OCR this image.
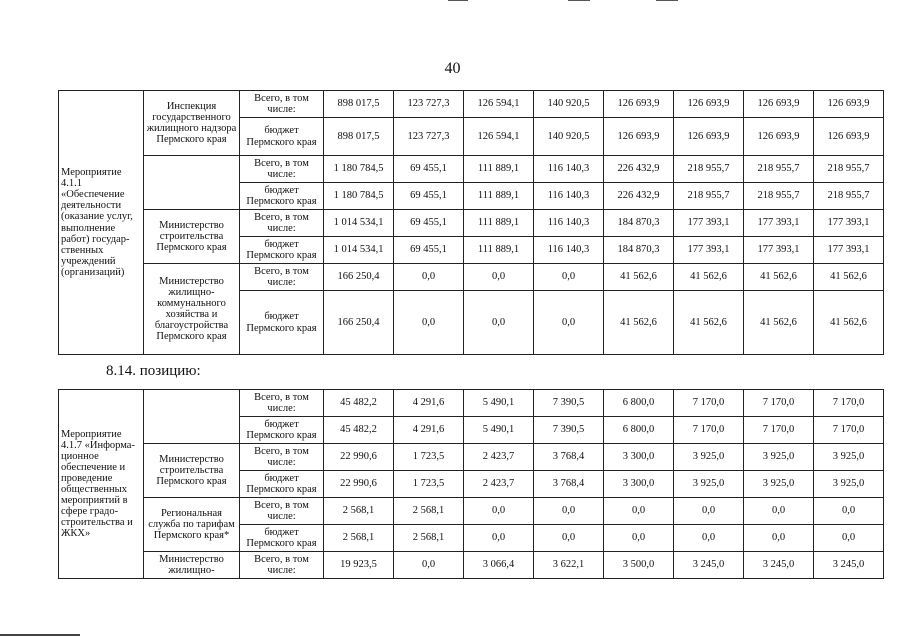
40
Мероприятие 4.1.1 «Обеспечение деятельности (оказание услуг, выполнение работ) государ-ственных учреждений (организаций)	Инспекция государственного жилищного надзора Пермского края	Всего, в том числе:	898 017,5	123 727,3	126 594,1	140 920,5	126 693,9	126 693,9	126 693,9	126 693,9
		бюджет Пермского края	898 017,5	123 727,3	126 594,1	140 920,5	126 693,9	126 693,9	126 693,9	126 693,9
		Всего, в том числе:	1 180 784,5	69 455,1	111 889,1	116 140,3	226 432,9	218 955,7	218 955,7	218 955,7
		бюджет Пермского края	1 180 784,5	69 455,1	111 889,1	116 140,3	226 432,9	218 955,7	218 955,7	218 955,7
	Министерство строительства Пермского края	Всего, в том числе:	1 014 534,1	69 455,1	111 889,1	116 140,3	184 870,3	177 393,1	177 393,1	177 393,1
		бюджет Пермского края	1 014 534,1	69 455,1	111 889,1	116 140,3	184 870,3	177 393,1	177 393,1	177 393,1
	Министерство жилищно-коммунального хозяйства и благоустройства Пермского края	Всего, в том числе:	166 250,4	0,0	0,0	0,0	41 562,6	41 562,6	41 562,6	41 562,6
		бюджет Пермского края	166 250,4	0,0	0,0	0,0	41 562,6	41 562,6	41 562,6	41 562,6
8.14. позицию:
Мероприятие 4.1.7 «Информа-ционное обеспечение и проведение общественных мероприятий в сфере градо-строительства и ЖКХ»		Всего, в том числе:	45 482,2	4 291,6	5 490,1	7 390,5	6 800,0	7 170,0	7 170,0	7 170,0
		бюджет Пермского края	45 482,2	4 291,6	5 490,1	7 390,5	6 800,0	7 170,0	7 170,0	7 170,0
	Министерство строительства Пермского края	Всего, в том числе:	22 990,6	1 723,5	2 423,7	3 768,4	3 300,0	3 925,0	3 925,0	3 925,0
		бюджет Пермского края	22 990,6	1 723,5	2 423,7	3 768,4	3 300,0	3 925,0	3 925,0	3 925,0
	Региональная служба по тарифам Пермского края*	Всего, в том числе:	2 568,1	2 568,1	0,0	0,0	0,0	0,0	0,0	0,0
		бюджет Пермского края	2 568,1	2 568,1	0,0	0,0	0,0	0,0	0,0	0,0
	Министерство жилищно-	Всего, в том числе:	19 923,5	0,0	3 066,4	3 622,1	3 500,0	3 245,0	3 245,0	3 245,0
